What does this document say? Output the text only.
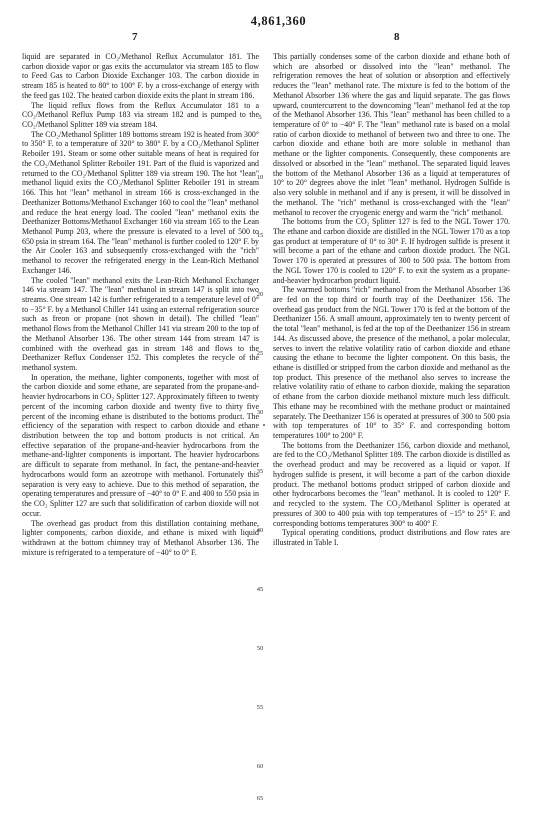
4,861,360
7	8

liquid are separated in CO₂/Methanol Reflux Accumulator 181. The carbon dioxide vapor or gas exits the accumulator via stream 185 to flow to Feed Gas to Carbon Dioxide Exchanger 103. The carbon dioxide in stream 185 is heated to 80° to 100° F. by a cross-exchange of energy with the feed gas 102. The heated carbon dioxide exits the plant in stream 186.

The liquid reflux flows from the Reflux Accumulator 181 to a CO₂/Methanol Reflux Pump 183 via stream 182 and is pumped to the CO₂/Methanol Splitter 189 via stream 184.

The CO₂/Methanol Splitter 189 bottoms stream 192 is heated from 300° to 350° F. to a temperature of 320° to 380° F. by a CO₂/Methanol Splitter Reboiler 191. Steam or some other suitable means of heat is required for the CO₂/Methanol Splitter Reboiler 191. Part of the fluid is vaporized and returned to the CO₂/Methanol Splitter 189 via stream 190. The hot "lean" methanol liquid exits the CO₂/Methanol Splitter Reboiler 191 in stream 166. This hot "lean" methanol in stream 166 is cross-exchanged in the Deethanizer Bottoms/Methanol Exchanger 160 to cool the "lean" methanol and reduce the heat energy load. The cooled "lean" methanol exits the Deethanizer Bottoms/Methanol Exchanger 160 via stream 165 to the Lean Methanol Pump 203, where the pressure is elevated to a level of 500 to 650 psia in stream 164. The "lean" methanol is further cooled to 120° F. by the Air Cooler 163 and subsequently cross-exchanged with the "rich" methanol to recover the refrigerated energy in the Lean-Rich Methanol Exchanger 146.

The cooled "lean" methanol exits the Lean-Rich Methanol Exchanger 146 via stream 147. The "lean" methanol in stream 147 is split into two streams. One stream 142 is further refrigerated to a temperature level of 0° to −35° F. by a Methanol Chiller 141 using an external refrigeration source such as freon or propane (not shown in detail). The chilled "lean" methanol flows from the Methanol Chiller 141 via stream 200 to the top of the Methanol Absorber 136. The other stream 144 from stream 147 is combined with the overhead gas in stream 148 and flows to the Deethanizer Reflux Condenser 152. This completes the recycle of the methanol system.

In operation, the methane, lighter components, together with most of the carbon dioxide and some ethane, are separated from the propane-and-heavier hydrocarbons in CO₂ Splitter 127. Approximately fifteen to twenty percent of the incoming carbon dioxide and twenty five to thirty five percent of the incoming ethane is distributed to the bottoms product. The efficiency of the separation with respect to carbon dioxide and ethane distribution between the top and bottom products is not critical. An effective separation of the propane-and-heavier hydrocarbons from the methane-and-lighter components is important. The heavier hydrocarbons are difficult to separate from methanol. In fact, the pentane-and-heavier hydrocarbons would form an azeotrope with methanol. Fortunately this separation is very easy to achieve. Due to this method of separation, the operating temperatures and pressure of −40° to 0° F. and 400 to 550 psia in the CO₂ Splitter 127 are such that solidification of carbon dioxide will not occur.

The overhead gas product from this distillation containing methane, lighter components, carbon dioxide, and ethane is mixed with liquid withdrawn at the bottom chimney tray of Methanol Absorber 136. The mixture is refrigerated to a temperature of −40° to 0° F.

This partially condenses some of the carbon dioxide and ethane both of which are absorbed or dissolved into the "lean" methanol. The refrigeration removes the heat of solution or absorption and effectively reduces the "lean" methanol rate. The mixture is fed to the bottom of the Methanol Absorber 136 where the gas and liquid separate. The gas flows upward, countercurrent to the downcoming "lean" methanol fed at the top of the Methanol Absorber 136. This "lean" methanol has been chilled to a temperature of 0° to −40° F. The "lean" methanol rate is based on a molal ratio of carbon dioxide to methanol of between two and three to one. The carbon dioxide and ethane both are more soluble in methanol than methane or the lighter components. Consequently, these components are dissolved or absorbed in the "lean" methanol. The separated liquid leaves the bottom of the Methanol Absorber 136 as a liquid at temperatures of 10° to 20° degrees above the inlet "lean" methanol. Hydrogen Sulfide is also very soluble in methanol and if any is present, it will be dissolved in the methanol. The "rich" methanol is cross-exchanged with the "lean" methanol to recover the cryogenic energy and warm the "rich" methanol.

The bottoms from the CO₂ Splitter 127 is fed to the NGL Tower 170. The ethane and carbon dioxide are distilled in the NGL Tower 170 as a top gas product at temperature of 0° to 30° F. If hydrogen sulfide is present it will become a part of the ethane and carbon dioxide product. The NGL Tower 170 is operated at pressures of 300 to 500 psia. The bottom from the NGL Tower 170 is cooled to 120° F. to exit the system as a propane-and-heavier hydrocarbon product liquid.

The warmed bottoms "rich" methanol from the Methanol Absorber 136 are fed on the top third or fourth tray of the Deethanizer 156. The overhead gas product from the NGL Tower 170 is fed at the bottom of the Deethanizer 156. A small amount, approximately ten to twenty percent of the total "lean" methanol, is fed at the top of the Deethanizer 156 in stream 144. As discussed above, the presence of the methanol, a polar molecular, serves to invert the relative volatility ratio of carbon dioxide and ethane causing the ethane to become the lighter component. On this basis, the ethane is distilled or stripped from the carbon dioxide and methanol as the top product. This presence of the methanol also serves to increase the relative volatility ratio of ethane to carbon dioxide, making the separation of ethane from the carbon dioxide methanol mixture much less difficult. This ethane may be recombined with the methane product or maintained separately. The Deethanizer 156 is operated at pressures of 300 to 500 psia with top temperatures of 10° to 35° F. and corresponding bottom temperatures 100° to 200° F.

The bottoms from the Deethanizer 156, carbon dioxide and methanol, are fed to the CO₂/Methanol Splitter 189. The carbon dioxide is distilled as the overhead product and may be recovered as a liquid or vapor. If hydrogen sulfide is present, it will become a part of the carbon dioxide product. The methanol bottoms product stripped of carbon dioxide and other hydrocarbons becomes the "lean" methanol. It is cooled to 120° F. and recycled to the system. The CO₂/Methanol Splitter is operated at pressures of 300 to 400 psia with top temperatures of −15° to 25° F. and corresponding bottoms temperatures 300° to 400° F.

Typical operating conditions, product distributions and flow rates are illustrated in Table I.

5
10
15
20
25
30
35
40
45
50
55
60
65
